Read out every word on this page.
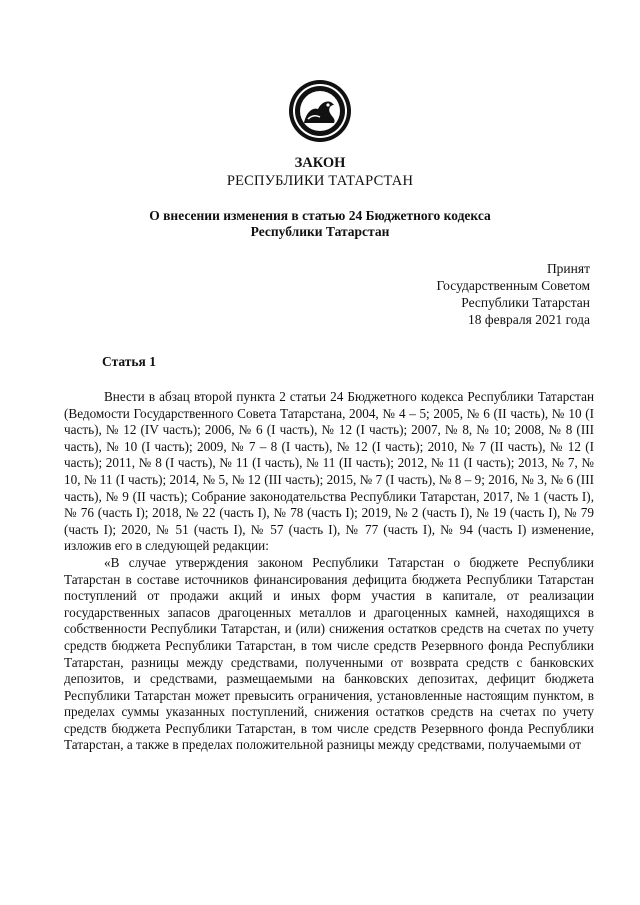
ЗАКОН
РЕСПУБЛИКИ ТАТАРСТАН
О внесении изменения в статью 24 Бюджетного кодекса
Республики Татарстан
Принят
Государственным Советом
Республики Татарстан
18 февраля 2021 года
Статья 1

Внести в абзац второй пункта 2 статьи 24 Бюджетного кодекса Республики Татарстан (Ведомости Государственного Совета Татарстана, 2004, № 4 – 5; 2005, № 6 (II часть), № 10 (I часть), № 12 (IV часть); 2006, № 6 (I часть), № 12 (I часть); 2007, № 8, № 10; 2008, № 8 (III часть), № 10 (I часть); 2009, № 7 – 8 (I часть), № 12 (I часть); 2010, № 7 (II часть), № 12 (I часть); 2011, № 8 (I часть), № 11 (I часть), № 11 (II часть); 2012, № 11 (I часть); 2013, № 7, № 10, № 11 (I часть); 2014, № 5, № 12 (III часть); 2015, № 7 (I часть), № 8 – 9; 2016, № 3, № 6 (III часть), № 9 (II часть); Собрание законодательства Республики Татарстан, 2017, № 1 (часть I), № 76 (часть I); 2018, № 22 (часть I), № 78 (часть I); 2019, № 2 (часть I), № 19 (часть I), № 79 (часть I); 2020, № 51 (часть I), № 57 (часть I), № 77 (часть I), № 94 (часть I) изменение, изложив его в следующей редакции:

«В случае утверждения законом Республики Татарстан о бюджете Республики Татарстан в составе источников финансирования дефицита бюджета Республики Татарстан поступлений от продажи акций и иных форм участия в капитале, от реализации государственных запасов драгоценных металлов и драгоценных камней, находящихся в собственности Республики Татарстан, и (или) снижения остатков средств на счетах по учету средств бюджета Республики Татарстан, в том числе средств Резервного фонда Республики Татарстан, разницы между средствами, полученными от возврата средств с банковских депозитов, и средствами, размещаемыми на банковских депозитах, дефицит бюджета Республики Татарстан может превысить ограничения, установленные настоящим пунктом, в пределах суммы указанных поступлений, снижения остатков средств на счетах по учету средств бюджета Республики Татарстан, в том числе средств Резервного фонда Республики Татарстан, а также в пределах положительной разницы между средствами, получаемыми от
